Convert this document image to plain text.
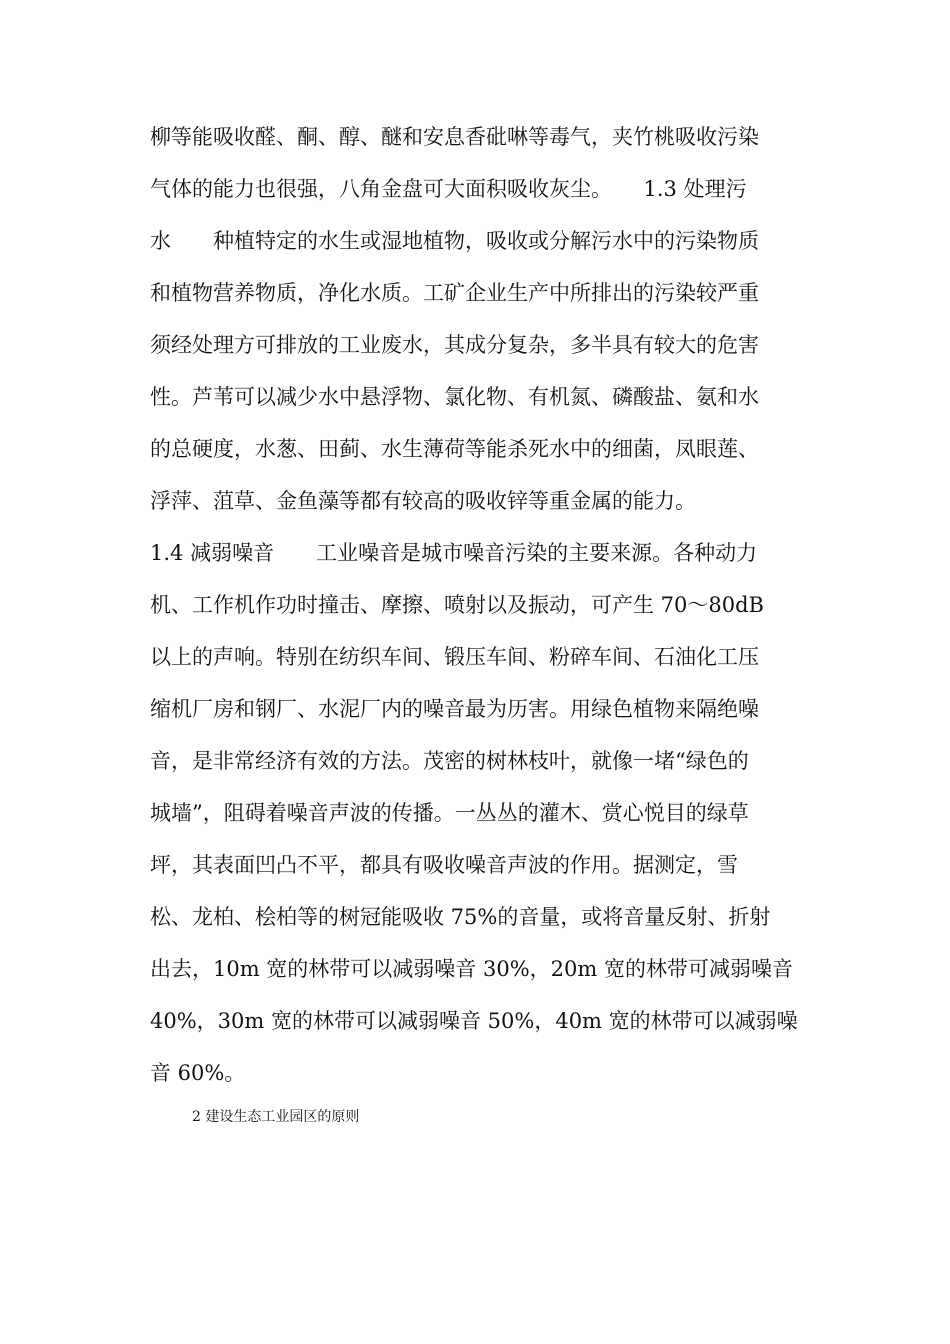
柳等能吸收醛、酮、醇、醚和安息香砒啉等毒气，夹竹桃吸收污染

气体的能力也很强，八角金盘可大面积吸收灰尘。　　1.3 处理污

水　　种植特定的水生或湿地植物，吸收或分解污水中的污染物质

和植物营养物质，净化水质。工矿企业生产中所排出的污染较严重

须经处理方可排放的工业废水，其成分复杂，多半具有较大的危害

性。芦苇可以减少水中悬浮物、氯化物、有机氮、磷酸盐、氨和水

的总硬度，水葱、田蓟、水生薄荷等能杀死水中的细菌，凤眼莲、

浮萍、菹草、金鱼藻等都有较高的吸收锌等重金属的能力。

1.4 减弱噪音　　工业噪音是城市噪音污染的主要来源。各种动力

机、工作机作功时撞击、摩擦、喷射以及振动，可产生 70～80dB

以上的声响。特别在纺织车间、锻压车间、粉碎车间、石油化工压

缩机厂房和钢厂、水泥厂内的噪音最为历害。用绿色植物来隔绝噪

音，是非常经济有效的方法。茂密的树林枝叶，就像一堵“绿色的

城墙”，阻碍着噪音声波的传播。一丛丛的灌木、赏心悦目的绿草

坪，其表面凹凸不平，都具有吸收噪音声波的作用。据测定，雪

松、龙柏、桧柏等的树冠能吸收 75%的音量，或将音量反射、折射

出去，10m 宽的林带可以减弱噪音 30%，20m 宽的林带可减弱噪音

40%，30m 宽的林带可以减弱噪音 50%，40m 宽的林带可以减弱噪

音 60%。

2 建设生态工业园区的原则
